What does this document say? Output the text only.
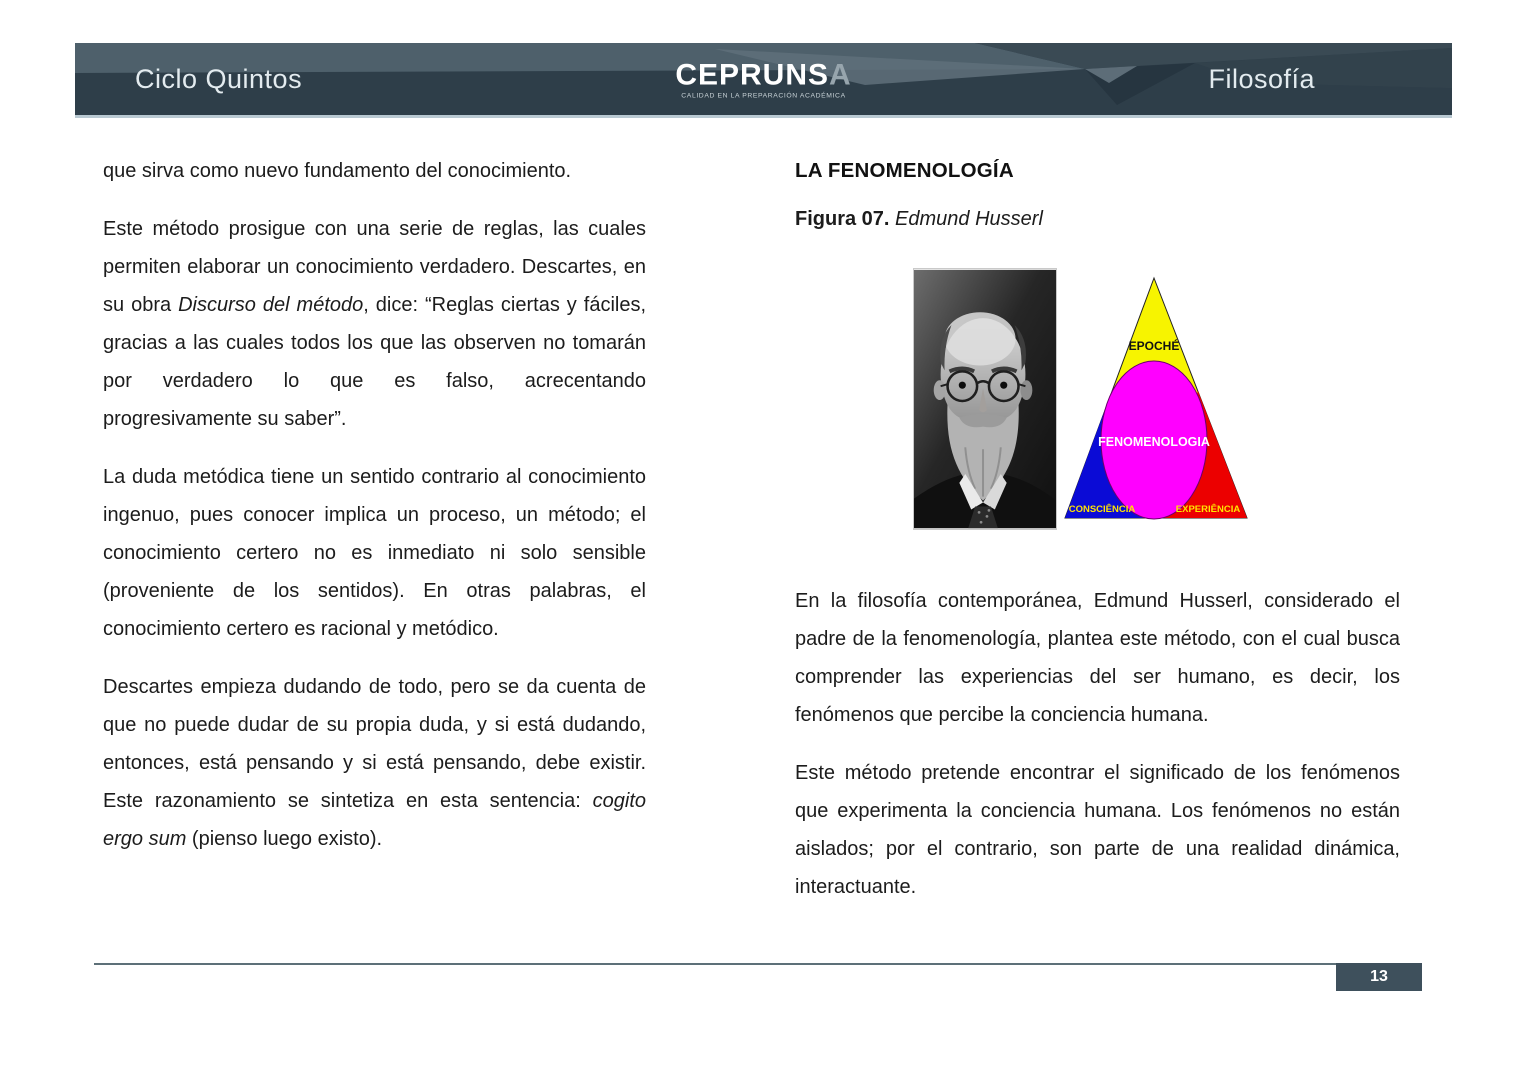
Ciclo Quintos	CEPRUNSA
CALIDAD EN LA PREPARACIÓN ACADÉMICA
Filosofía

que sirva como nuevo fundamento del conocimiento.

Este método prosigue con una serie de reglas, las cuales permiten elaborar un conocimiento verdadero. Descartes, en su obra Discurso del método, dice: “Reglas ciertas y fáciles, gracias a las cuales todos los que las observen no tomarán por verdadero lo que es falso, acrecentando progresivamente su saber”.

La duda metódica tiene un sentido contrario al conocimiento ingenuo, pues conocer implica un proceso, un método; el conocimiento certero no es inmediato ni solo sensible (proveniente de los sentidos). En otras palabras, el conocimiento certero es racional y metódico.

Descartes empieza dudando de todo, pero se da cuenta de que no puede dudar de su propia duda, y si está dudando, entonces, está pensando y si está pensando, debe existir. Este razonamiento se sintetiza en esta sentencia: cogito ergo sum (pienso luego existo).

LA FENOMENOLOGÍA
Figura 07. Edmund Husserl
EPOCHÉ
FENOMENOLOGIA
CONSCIÊNCIA	EXPERIÊNCIA

En la filosofía contemporánea, Edmund Husserl, considerado el padre de la fenomenología, plantea este método, con el cual busca comprender las experiencias del ser humano, es decir, los fenómenos que percibe la conciencia humana.

Este método pretende encontrar el significado de los fenómenos que experimenta la conciencia humana. Los fenómenos no están aislados; por el contrario, son parte de una realidad dinámica, interactuante.

13
